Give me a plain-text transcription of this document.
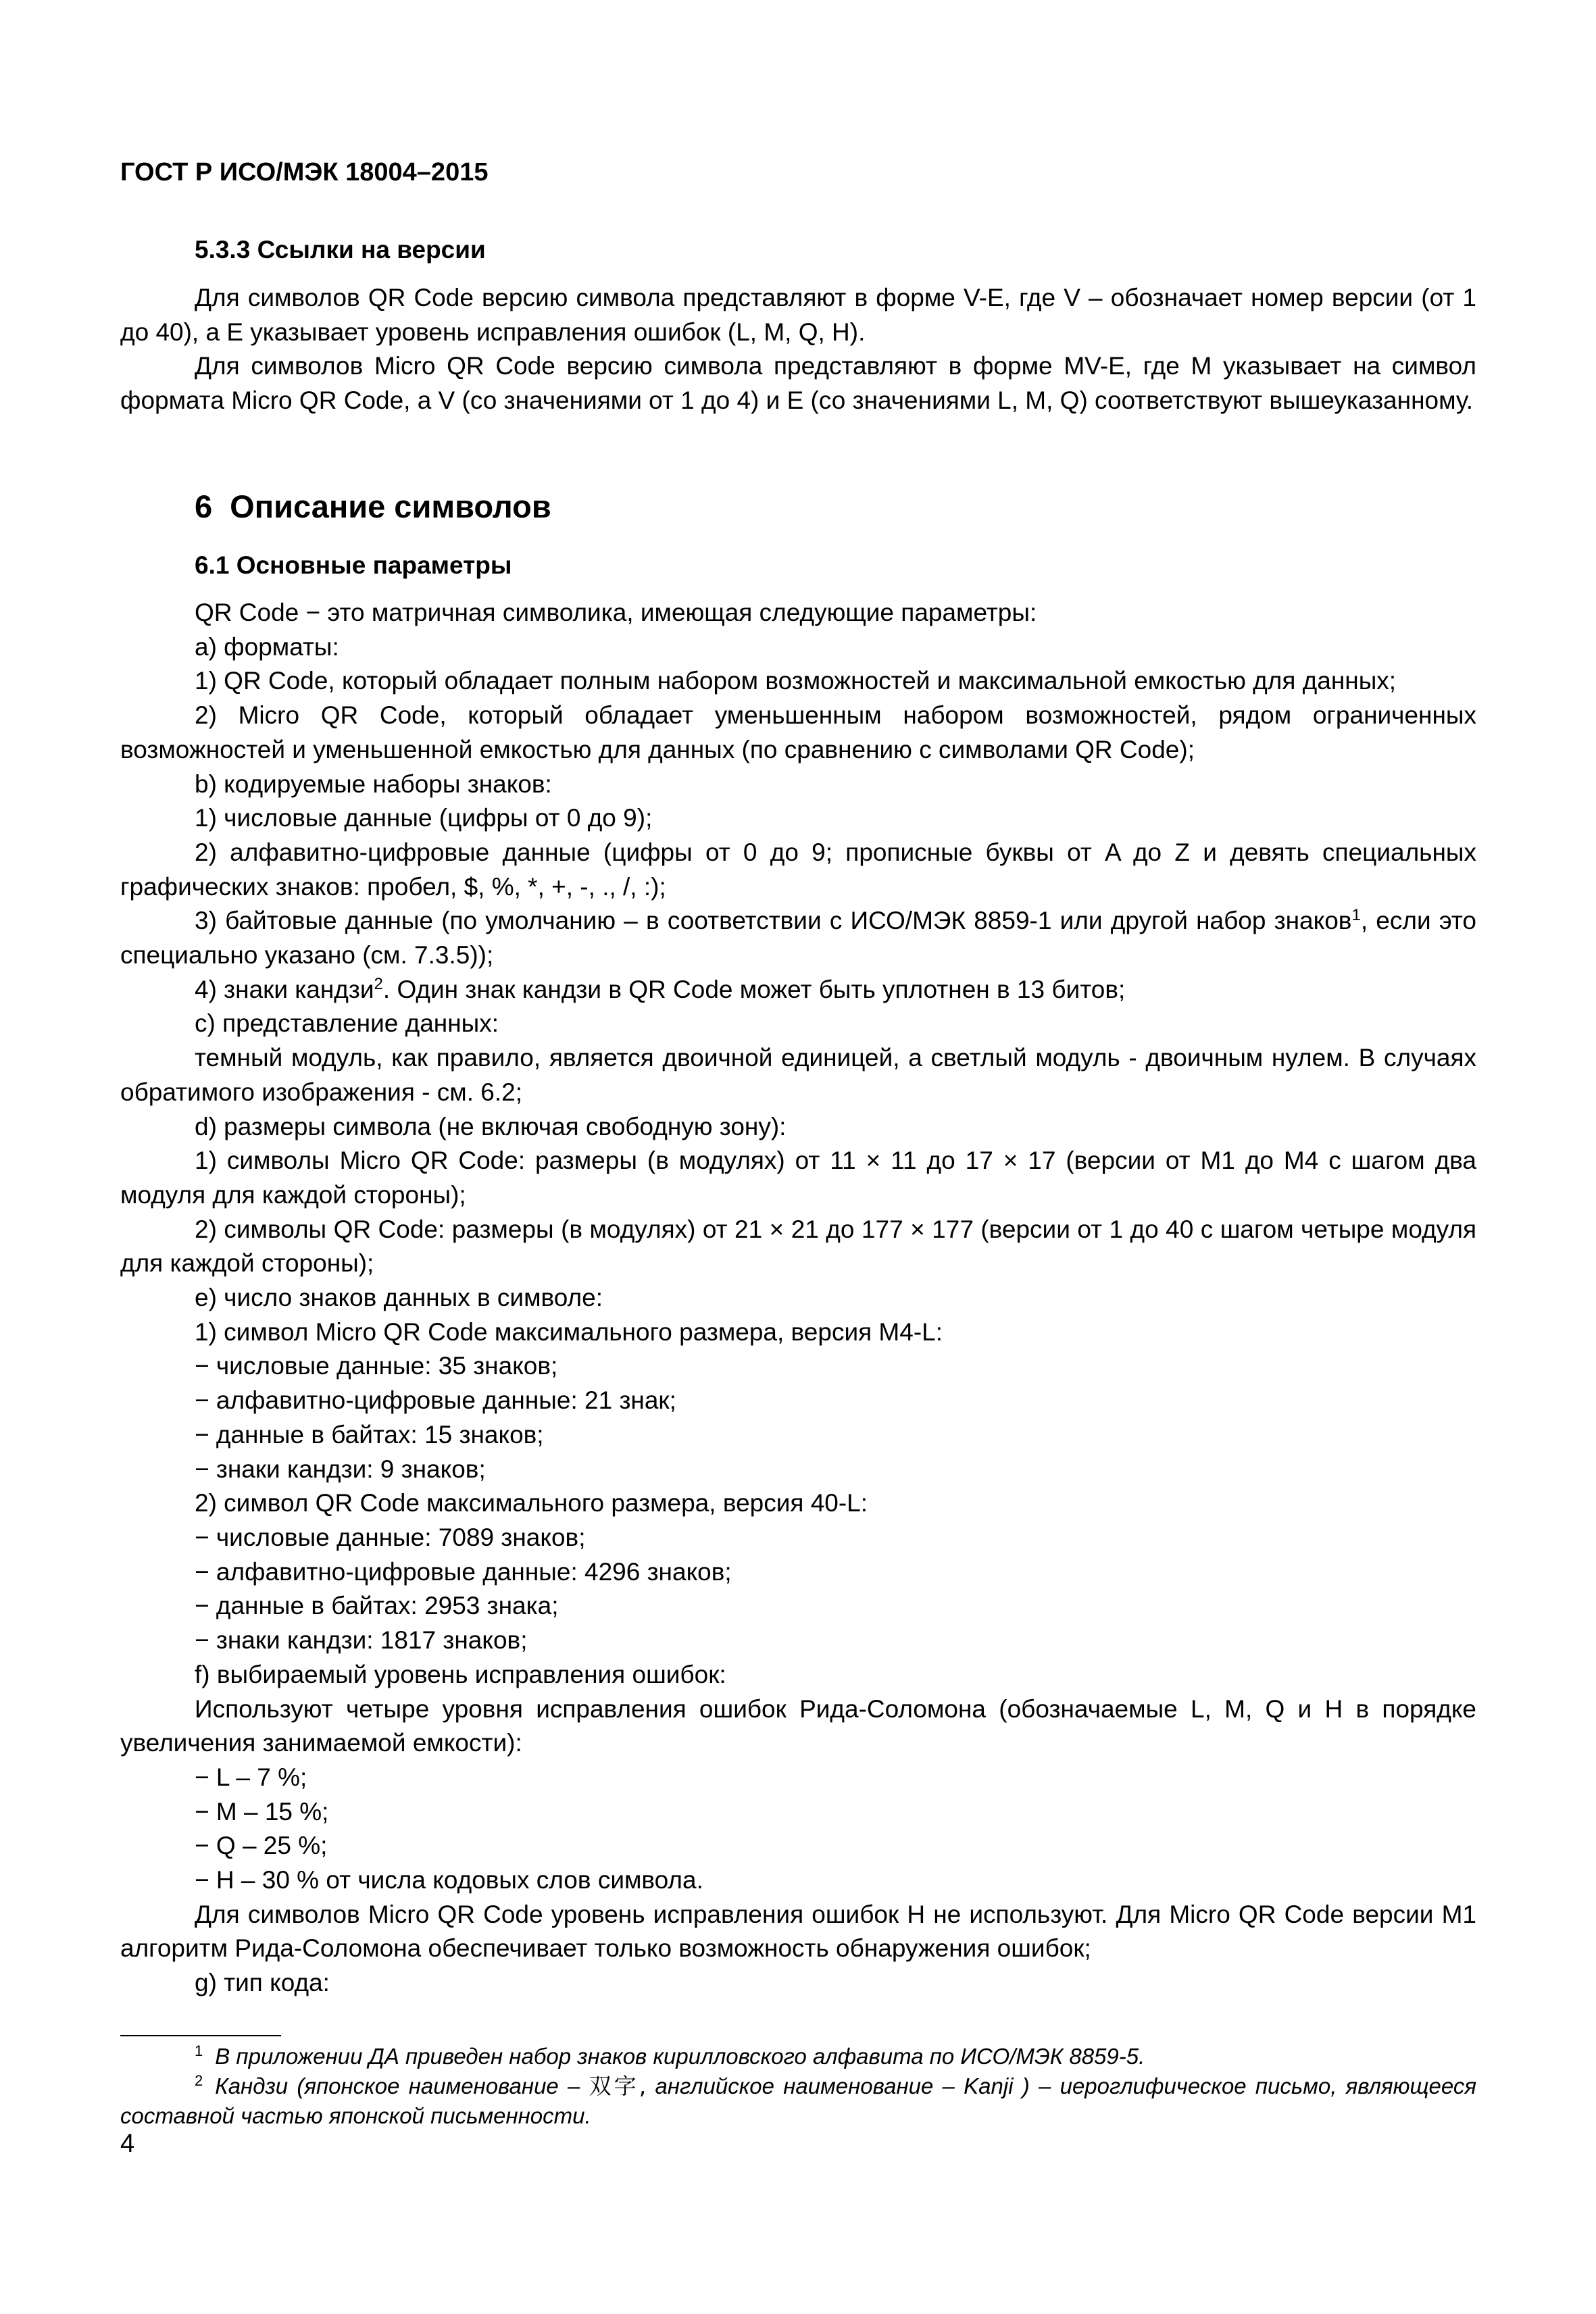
ГОСТ Р ИСО/МЭК 18004–2015
5.3.3 Ссылки на версии

Для символов QR Code версию символа представляют в форме V-E, где V – обозначает номер версии (от 1 до 40), а E указывает уровень исправления ошибок (L, M, Q, H).

Для символов Micro QR Code версию символа представляют в форме MV-E, где M указывает на символ формата Micro QR Code, а V (со значениями от 1 до 4) и E (со значениями L, M, Q) соответствуют вышеуказанному.

6 Описание символов
6.1 Основные параметры

QR Code − это матричная символика, имеющая следующие параметры:

a) форматы:

1) QR Code, который обладает полным набором возможностей и максимальной емкостью для данных;

2) Micro QR Code, который обладает уменьшенным набором возможностей, рядом ограниченных возможностей и уменьшенной емкостью для данных (по сравнению с символами QR Code);

b) кодируемые наборы знаков:

1) числовые данные (цифры от 0 до 9);

2) алфавитно-цифровые данные (цифры от 0 до 9; прописные буквы от A до Z и девять специальных графических знаков: пробел, $, %, *, +, -, ., /, :);

3) байтовые данные (по умолчанию – в соответствии с ИСО/МЭК 8859-1 или другой набор знаков$^1$, если это специально указано (см. 7.3.5));

4) знаки кандзи$^2$. Один знак кандзи в QR Code может быть уплотнен в 13 битов;

c) представление данных:

темный модуль, как правило, является двоичной единицей, а светлый модуль - двоичным нулем. В случаях обратимого изображения - см. 6.2;

d) размеры символа (не включая свободную зону):

1) символы Micro QR Code: размеры (в модулях) от 11 × 11 до 17 × 17 (версии от M1 до M4 с шагом два модуля для каждой стороны);

2) символы QR Code: размеры (в модулях) от 21 × 21 до 177 × 177 (версии от 1 до 40 с шагом четыре модуля для каждой стороны);

e) число знаков данных в символе:

1) символ Micro QR Code максимального размера, версия M4-L:

− числовые данные: 35 знаков;

− алфавитно-цифровые данные: 21 знак;

− данные в байтах: 15 знаков;

− знаки кандзи: 9 знаков;

2) символ QR Code максимального размера, версия 40-L:

− числовые данные: 7089 знаков;

− алфавитно-цифровые данные: 4296 знаков;

− данные в байтах: 2953 знака;

− знаки кандзи: 1817 знаков;

f) выбираемый уровень исправления ошибок:

Используют четыре уровня исправления ошибок Рида-Соломона (обозначаемые L, M, Q и H в порядке увеличения занимаемой емкости):

− L – 7 %;

− M – 15 %;

− Q – 25 %;

− H – 30 % от числа кодовых слов символа.

Для символов Micro QR Code уровень исправления ошибок H не используют. Для Micro QR Code версии M1 алгоритм Рида-Соломона обеспечивает только возможность обнаружения ошибок;

g) тип кода:

$^1$ В приложении ДА приведен набор знаков кирилловского алфавита по ИСО/МЭК 8859-5.

$^2$ Кандзи (японское наименование – 双字, английское наименование – Kanji ) – иероглифическое письмо, являющееся составной частью японской письменности.

4
